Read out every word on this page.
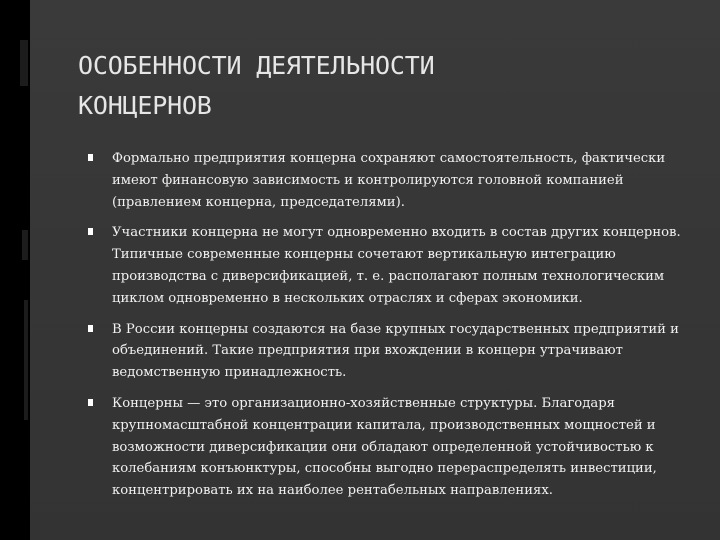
ОСОБЕННОСТИ ДЕЯТЕЛЬНОСТИ
КОНЦЕРНОВ
Формально предприятия концерна сохраняют самостоятельность, фактически имеют финансовую зависимость и контролируются головной компанией (правлением концерна, председателями).
Участники концерна не могут одновременно входить в состав других концернов. Типичные современные концерны сочетают вертикальную интеграцию производства с диверсификацией, т. е. располагают полным технологическим циклом одновременно в нескольких отраслях и сферах экономики.
В России концерны создаются на базе крупных государственных предприятий и объединений. Такие предприятия при вхождении в концерн утрачивают ведомственную принадлежность.
Концерны — это организационно-хозяйственные структуры. Благодаря крупномасштабной концентрации капитала, производственных мощностей и возможности диверсификации они обладают определенной устойчивостью к колебаниям конъюнктуры, способны выгодно перераспределять инвестиции, концентрировать их на наиболее рентабельных направлениях.
